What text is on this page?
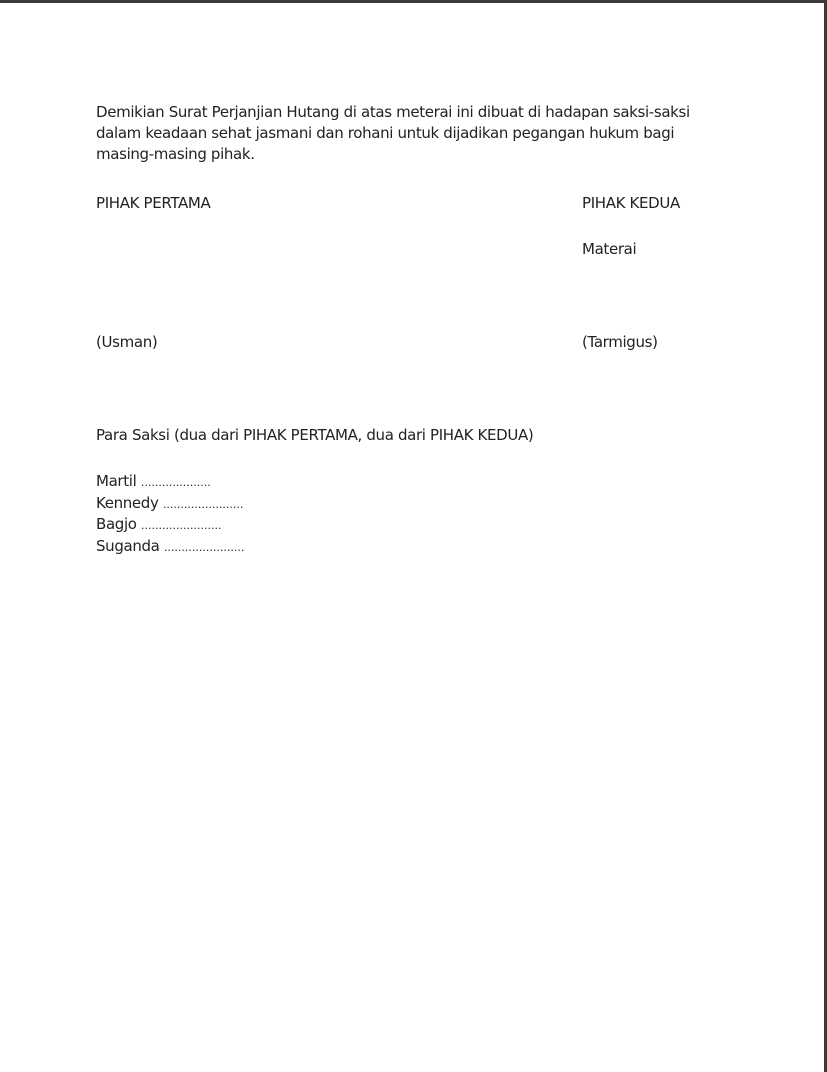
Demikian Surat Perjanjian Hutang di atas meterai ini dibuat di hadapan saksi-saksi dalam keadaan sehat jasmani dan rohani untuk dijadikan pegangan hukum bagi masing-masing pihak.

PIHAK PERTAMA	PIHAK KEDUA
Materai
(Usman)	(Tarmigus)
Para Saksi (dua dari PIHAK PERTAMA, dua dari PIHAK KEDUA)
Martil ....................
Kennedy .......................
Bagjo .......................
Suganda .......................
